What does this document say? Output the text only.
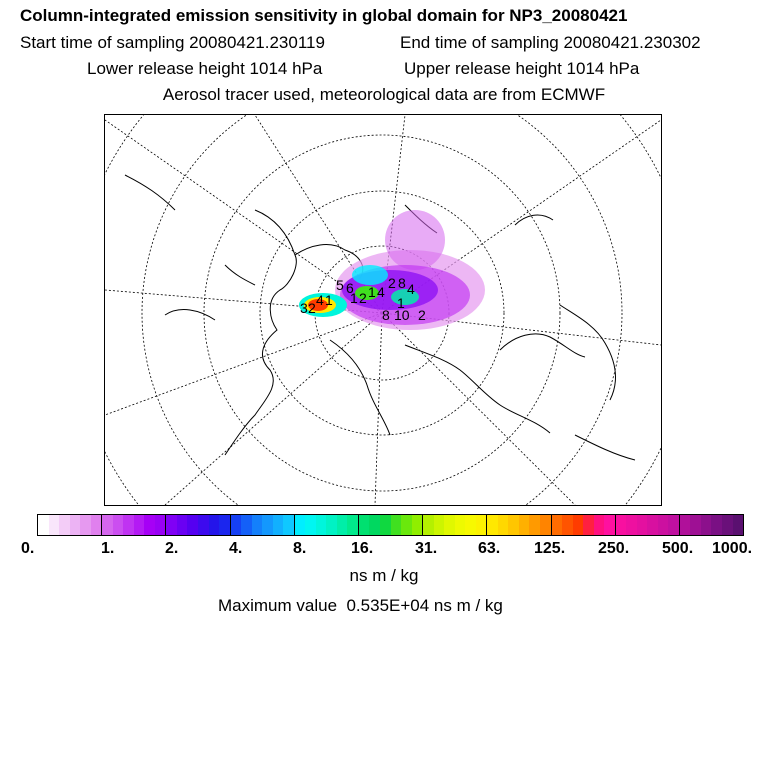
Column-integrated emission sensitivity in global domain for NP3_20080421
Start time of sampling 20080421.230119	End time of sampling 20080421.230302
Lower release height 1014 hPa	Upper release height 1014 hPa
Aerosol tracer used, meteorological data are from ECMWF
5 6 2 8
4 1 1 2
8 10
1
4
1
3 2	2
4
0.	1.	2.	4.	8.	16.	31.	63. 125. 250. 500. 1000.
ns m / kg
Maximum value  0.535E+04 ns m / kg
